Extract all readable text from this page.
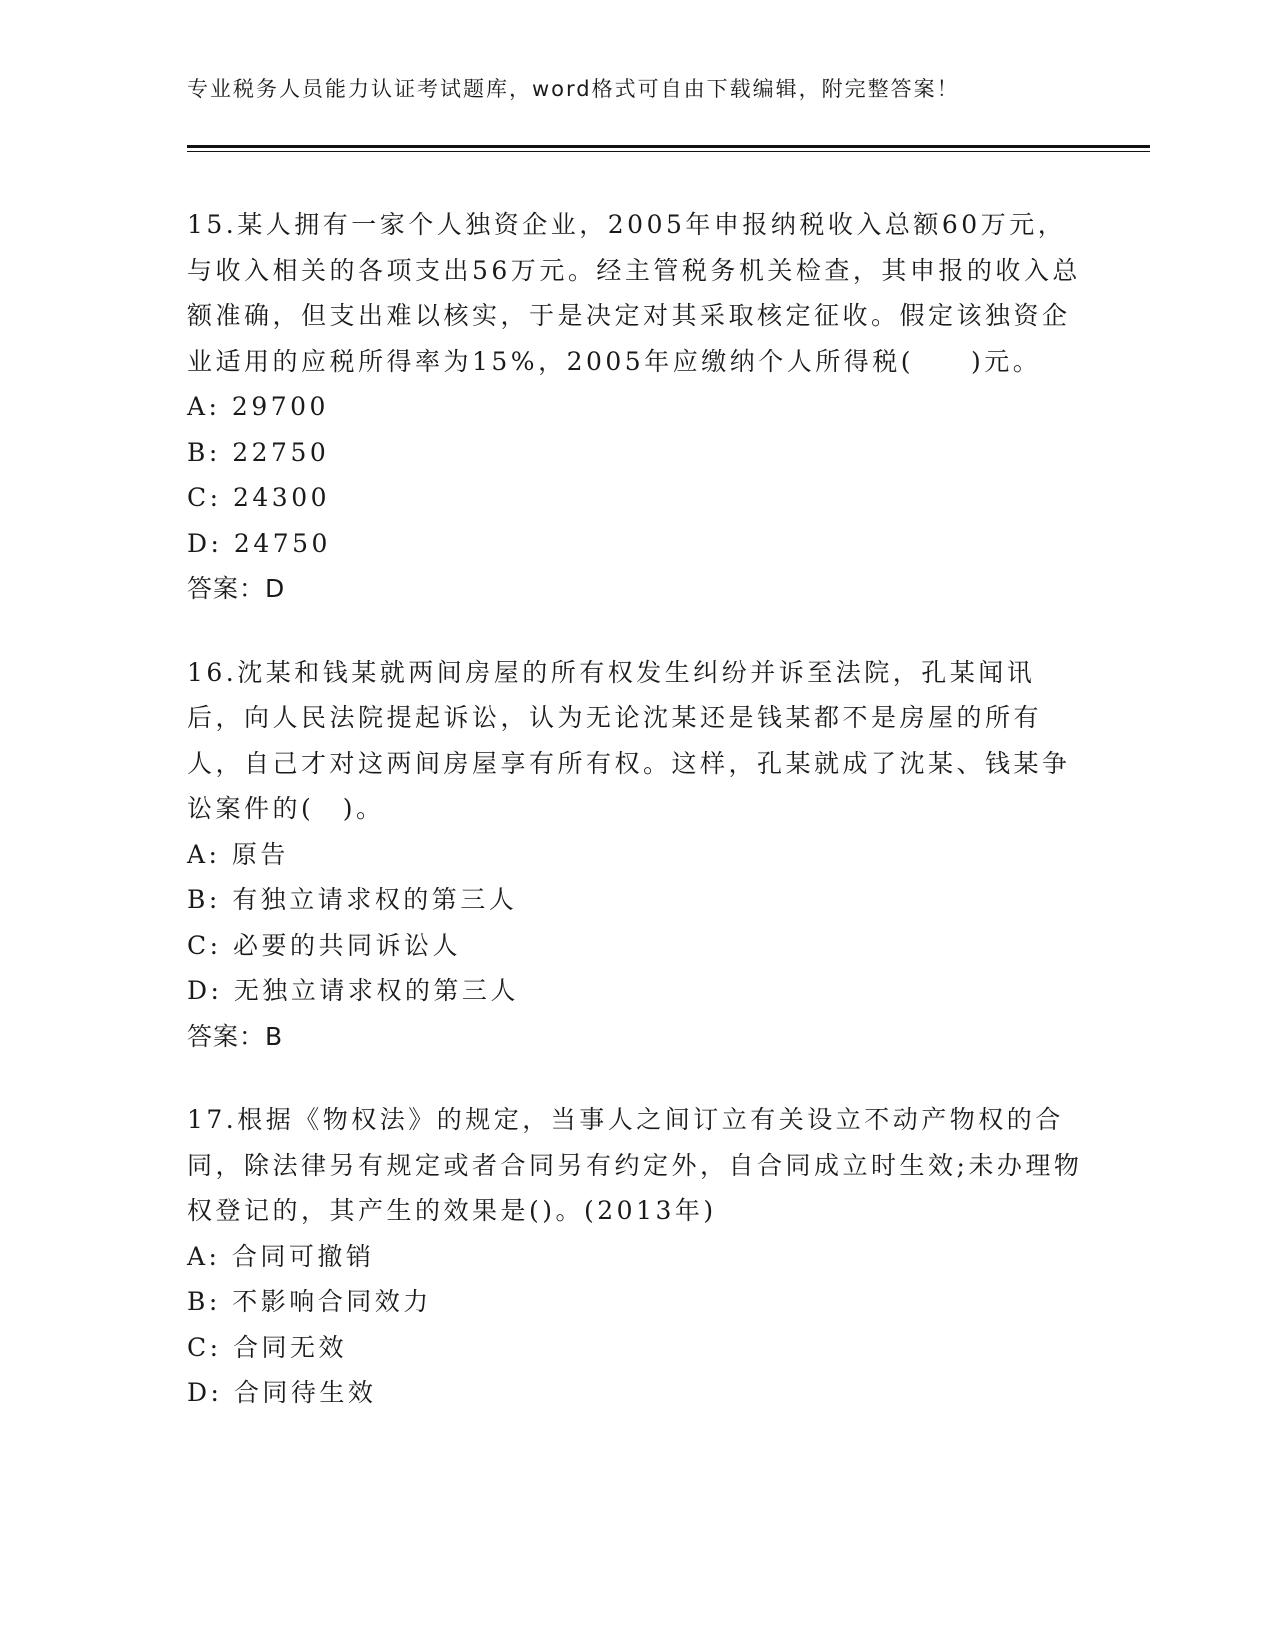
专业税务人员能力认证考试题库，word格式可自由下载编辑，附完整答案！

15.某人拥有一家个人独资企业，2005年申报纳税收入总额60万元，与收入相关的各项支出56万元。经主管税务机关检查，其申报的收入总额准确，但支出难以核实，于是决定对其采取核定征收。假定该独资企业适用的应税所得率为15%，2005年应缴纳个人所得税(　　)元。

A: 29700
B: 22750
C: 24300
D: 24750
答案：D

16.沈某和钱某就两间房屋的所有权发生纠纷并诉至法院，孔某闻讯后，向人民法院提起诉讼，认为无论沈某还是钱某都不是房屋的所有人，自己才对这两间房屋享有所有权。这样，孔某就成了沈某、钱某争讼案件的(　)。

A: 原告
B: 有独立请求权的第三人
C: 必要的共同诉讼人
D: 无独立请求权的第三人
答案：B

17.根据《物权法》的规定，当事人之间订立有关设立不动产物权的合同，除法律另有规定或者合同另有约定外，自合同成立时生效;未办理物权登记的，其产生的效果是()。(2013年)

A: 合同可撤销
B: 不影响合同效力
C: 合同无效
D: 合同待生效
